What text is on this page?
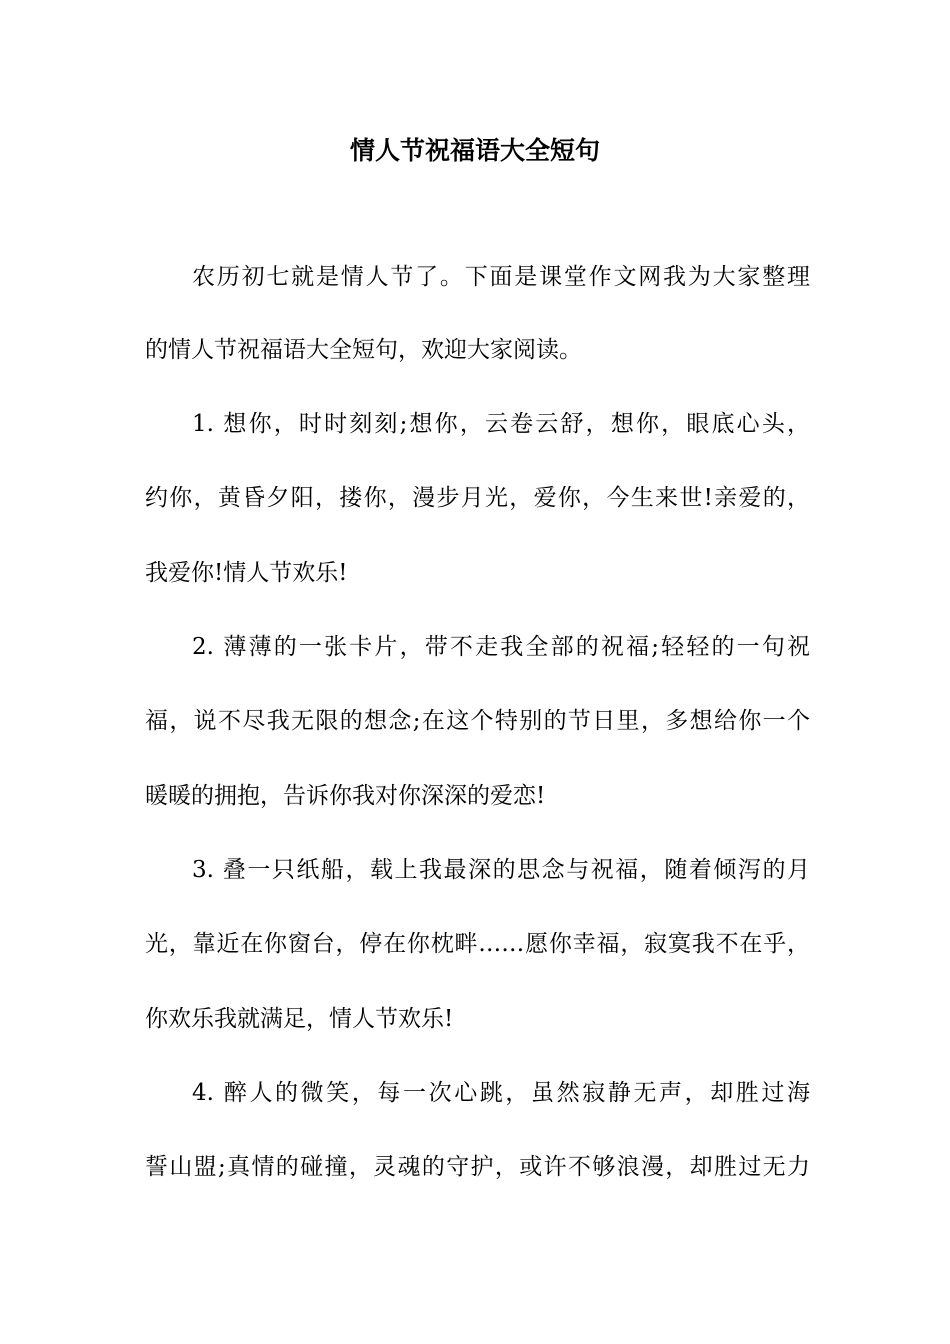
情人节祝福语大全短句

农历初七就是情人节了。下面是课堂作文网我为大家整理

的情人节祝福语大全短句，欢迎大家阅读。

1. 想你，时时刻刻;想你，云卷云舒，想你，眼底心头，

约你，黄昏夕阳，搂你，漫步月光，爱你，今生来世!亲爱的，

我爱你!情人节欢乐!

2. 薄薄的一张卡片，带不走我全部的祝福;轻轻的一句祝

福，说不尽我无限的想念;在这个特别的节日里，多想给你一个

暖暖的拥抱，告诉你我对你深深的爱恋!

3. 叠一只纸船，载上我最深的思念与祝福，随着倾泻的月

光，靠近在你窗台，停在你枕畔……愿你幸福，寂寞我不在乎，

你欢乐我就满足，情人节欢乐!

4. 醉人的微笑，每一次心跳，虽然寂静无声，却胜过海

誓山盟;真情的碰撞，灵魂的守护，或许不够浪漫，却胜过无力
